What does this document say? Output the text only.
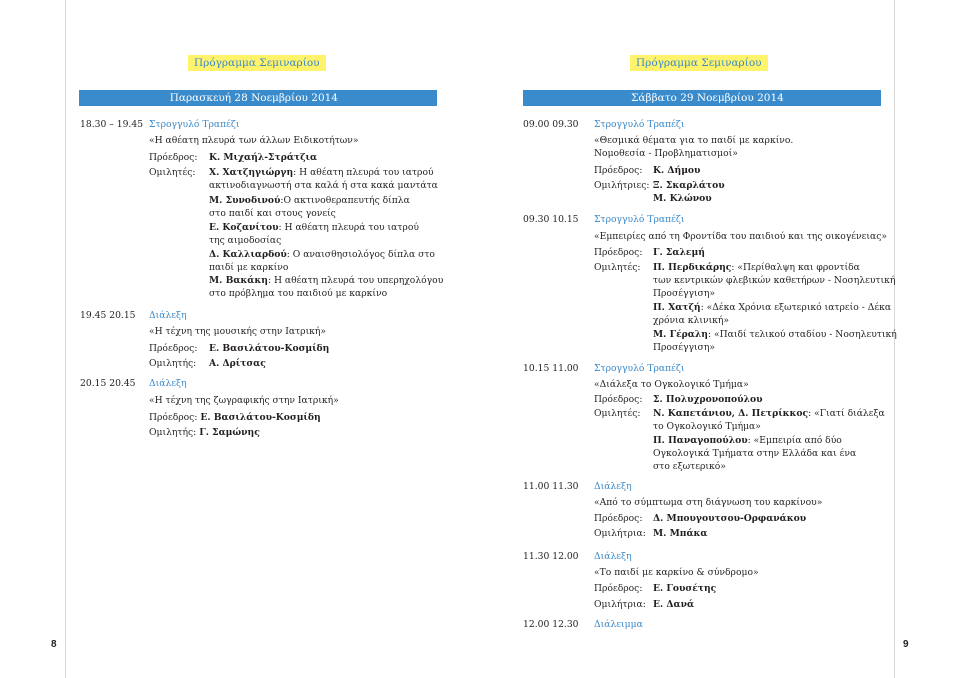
Πρόγραμμα Σεμιναρίου
Παρασκευή 28 Νοεμβρίου 2014
18.30 – 19.45 Στρογγυλό Τραπέζι
«Η αθέατη πλευρά των άλλων Ειδικοτήτων»
Πρόεδρος: Κ. Μιχαήλ-Στράτζια
Ομιλητές: Χ. Χατζηγιώργη: Η αθέατη πλευρά του ιατρού
ακτινοδιαγνωστή στα καλά ή στα κακά μαντάτα
Μ. Συνοδινού:Ο ακτινοθεραπευτής δίπλα
στο παιδί και στους γονείς
Ε. Κοζανίτου: Η αθέατη πλευρά του ιατρού
της αιμοδοσίας
Δ. Καλλιαρδού: Ο αναισθησιολόγος δίπλα στο
παιδί με καρκίνο
Μ. Βακάκη: Η αθέατη πλευρά του υπερηχολόγου
στο πρόβλημα του παιδιού με καρκίνο
19.45 20.15 Διάλεξη
«Η τέχνη της μουσικής στην Ιατρική»
Πρόεδρος: Ε. Βασιλάτου-Κοσμίδη
Ομιλητής: Α. Δρίτσας
20.15 20.45 Διάλεξη
«Η τέχνη της ζωγραφικής στην Ιατρική»
Πρόεδρος: Ε. Βασιλάτου-Κοσμίδη
Ομιλητής: Γ. Σαμώνης
8
Πρόγραμμα Σεμιναρίου
Σάββατο 29 Νοεμβρίου 2014
09.00 09.30 Στρογγυλό Τραπέζι
«Θεσμικά θέματα για το παιδί με καρκίνο.
Νομοθεσία - Προβληματισμοί»
Πρόεδρος: Κ. Δήμου
Ομιλήτριες: Ξ. Σκαρλάτου
Μ. Κλώνου
09.30 10.15 Στρογγυλό Τραπέζι
«Εμπειρίες από τη Φροντίδα του παιδιού και της οικογένειας»
Πρόεδρος: Γ. Σαλεμή
Ομιλητές: Π. Περδικάρης: «Περίθαλψη και φροντίδα
των κεντρικών φλεβικών καθετήρων - Νοσηλευτική
Προσέγγιση»
Π. Χατζή: «Δέκα Χρόνια εξωτερικό ιατρείο - Δέκα
χρόνια κλινική»
Μ. Γέραλη: «Παιδί τελικού σταδίου - Νοσηλευτική
Προσέγγιση»
10.15 11.00 Στρογγυλό Τραπέζι
«Διάλεξα το Ογκολογικό Τμήμα»
Πρόεδρος: Σ. Πολυχρονοπούλου
Ομιλητές: Ν. Καπετάνιου, Δ. Πετρίκκος: «Γιατί διάλεξα
το Ογκολογικό Τμήμα»
Π. Παναγοπούλου: «Εμπειρία από δύο
Ογκολογικά Τμήματα στην Ελλάδα και ένα
στο εξωτερικό»
11.00 11.30 Διάλεξη
«Από το σύμπτωμα στη διάγνωση του καρκίνου»
Πρόεδρος: Δ. Μπουγουτσου-Ορφανάκου
Ομιλήτρια: Μ. Μπάκα
11.30 12.00 Διάλεξη
«Το παιδί με καρκίνο & σύνδρομο»
Πρόεδρος: Ε. Γουσέτης
Ομιλήτρια: Ε. Δανά
12.00 12.30 Διάλειμμα
9
